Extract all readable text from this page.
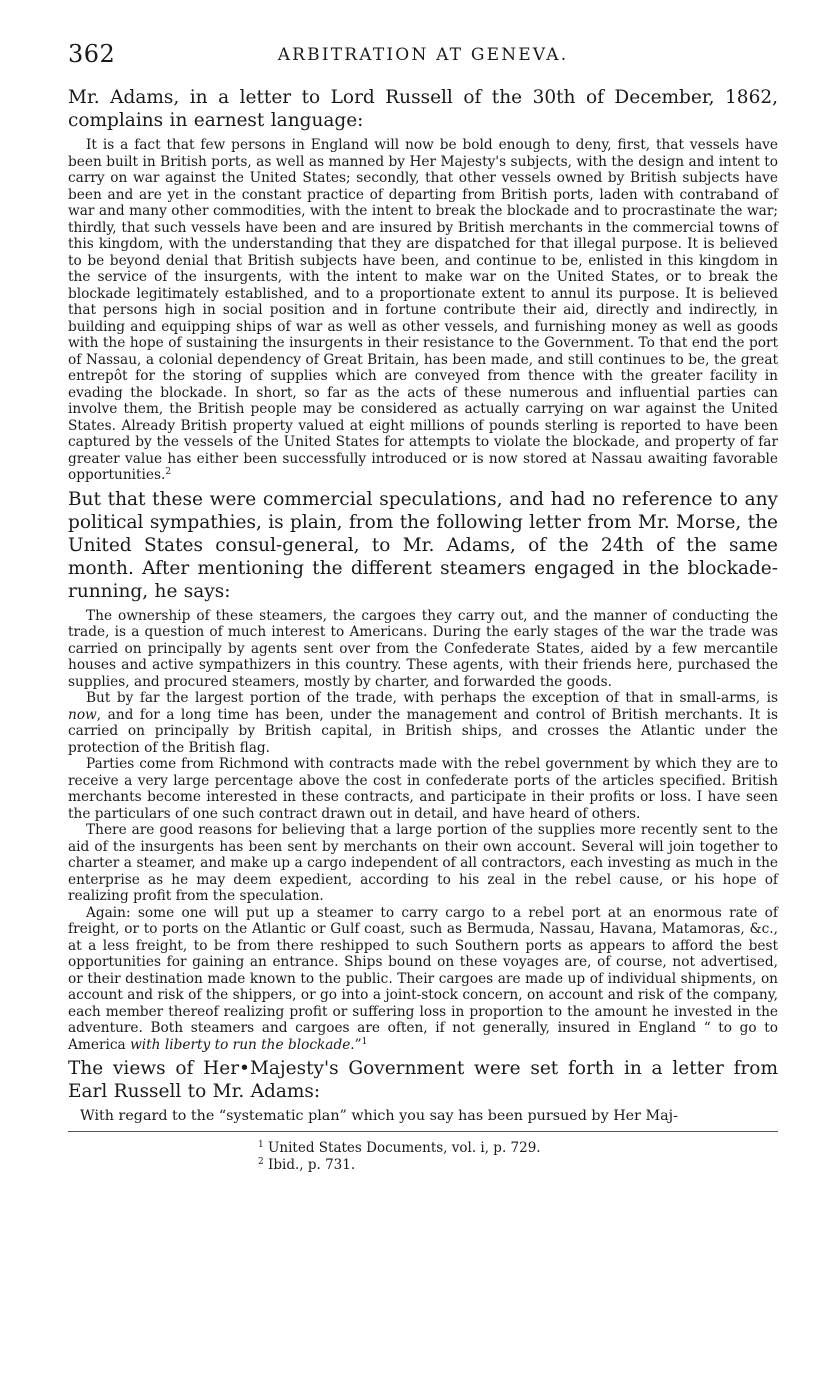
362	ARBITRATION AT GENEVA.

Mr. Adams, in a letter to Lord Russell of the 30th of December, 1862, complains in earnest language:

It is a fact that few persons in England will now be bold enough to deny, first, that vessels have been built in British ports, as well as manned by Her Majesty's subjects, with the design and intent to carry on war against the United States; secondly, that other vessels owned by British subjects have been and are yet in the constant practice of departing from British ports, laden with contraband of war and many other commodities, with the intent to break the blockade and to procrastinate the war; thirdly, that such vessels have been and are insured by British merchants in the commercial towns of this kingdom, with the understanding that they are dispatched for that illegal purpose. It is believed to be beyond denial that British subjects have been, and continue to be, enlisted in this kingdom in the service of the insurgents, with the intent to make war on the United States, or to break the blockade legitimately established, and to a proportionate extent to annul its purpose. It is believed that persons high in social position and in fortune contribute their aid, directly and indirectly, in building and equipping ships of war as well as other vessels, and furnishing money as well as goods with the hope of sustaining the insurgents in their resistance to the Government. To that end the port of Nassau, a colonial dependency of Great Britain, has been made, and still continues to be, the great entrepôt for the storing of supplies which are conveyed from thence with the greater facility in evading the blockade. In short, so far as the acts of these numerous and influential parties can involve them, the British people may be considered as actually carrying on war against the United States. Already British property valued at eight millions of pounds sterling is reported to have been captured by the vessels of the United States for attempts to violate the blockade, and property of far greater value has either been successfully introduced or is now stored at Nassau awaiting favorable opportunities.$^2$

But that these were commercial speculations, and had no reference to any political sympathies, is plain, from the following letter from Mr. Morse, the United States consul-general, to Mr. Adams, of the 24th of the same month. After mentioning the different steamers engaged in the blockade-running, he says:

The ownership of these steamers, the cargoes they carry out, and the manner of conducting the trade, is a question of much interest to Americans. During the early stages of the war the trade was carried on principally by agents sent over from the Confederate States, aided by a few mercantile houses and active sympathizers in this country. These agents, with their friends here, purchased the supplies, and procured steamers, mostly by charter, and forwarded the goods.

But by far the largest portion of the trade, with perhaps the exception of that in small-arms, is now, and for a long time has been, under the management and control of British merchants. It is carried on principally by British capital, in British ships, and crosses the Atlantic under the protection of the British flag.

Parties come from Richmond with contracts made with the rebel government by which they are to receive a very large percentage above the cost in confederate ports of the articles specified. British merchants become interested in these contracts, and participate in their profits or loss. I have seen the particulars of one such contract drawn out in detail, and have heard of others.

There are good reasons for believing that a large portion of the supplies more recently sent to the aid of the insurgents has been sent by merchants on their own account. Several will join together to charter a steamer, and make up a cargo independent of all contractors, each investing as much in the enterprise as he may deem expedient, according to his zeal in the rebel cause, or his hope of realizing profit from the speculation.

Again: some one will put up a steamer to carry cargo to a rebel port at an enormous rate of freight, or to ports on the Atlantic or Gulf coast, such as Bermuda, Nassau, Havana, Matamoras, &c., at a less freight, to be from there reshipped to such Southern ports as appears to afford the best opportunities for gaining an entrance. Ships bound on these voyages are, of course, not advertised, or their destination made known to the public. Their cargoes are made up of individual shipments, on account and risk of the shippers, or go into a joint-stock concern, on account and risk of the company, each member thereof realizing profit or suffering loss in proportion to the amount he invested in the adventure. Both steamers and cargoes are often, if not generally, insured in England “ to go to America with liberty to run the blockade.”$^1$

The views of Her•Majesty's Government were set forth in a letter from Earl Russell to Mr. Adams:

With regard to the “systematic plan” which you say has been pursued by Her Maj-

$^1$ United States Documents, vol. i, p. 729.
$^2$ Ibid., p. 731.
